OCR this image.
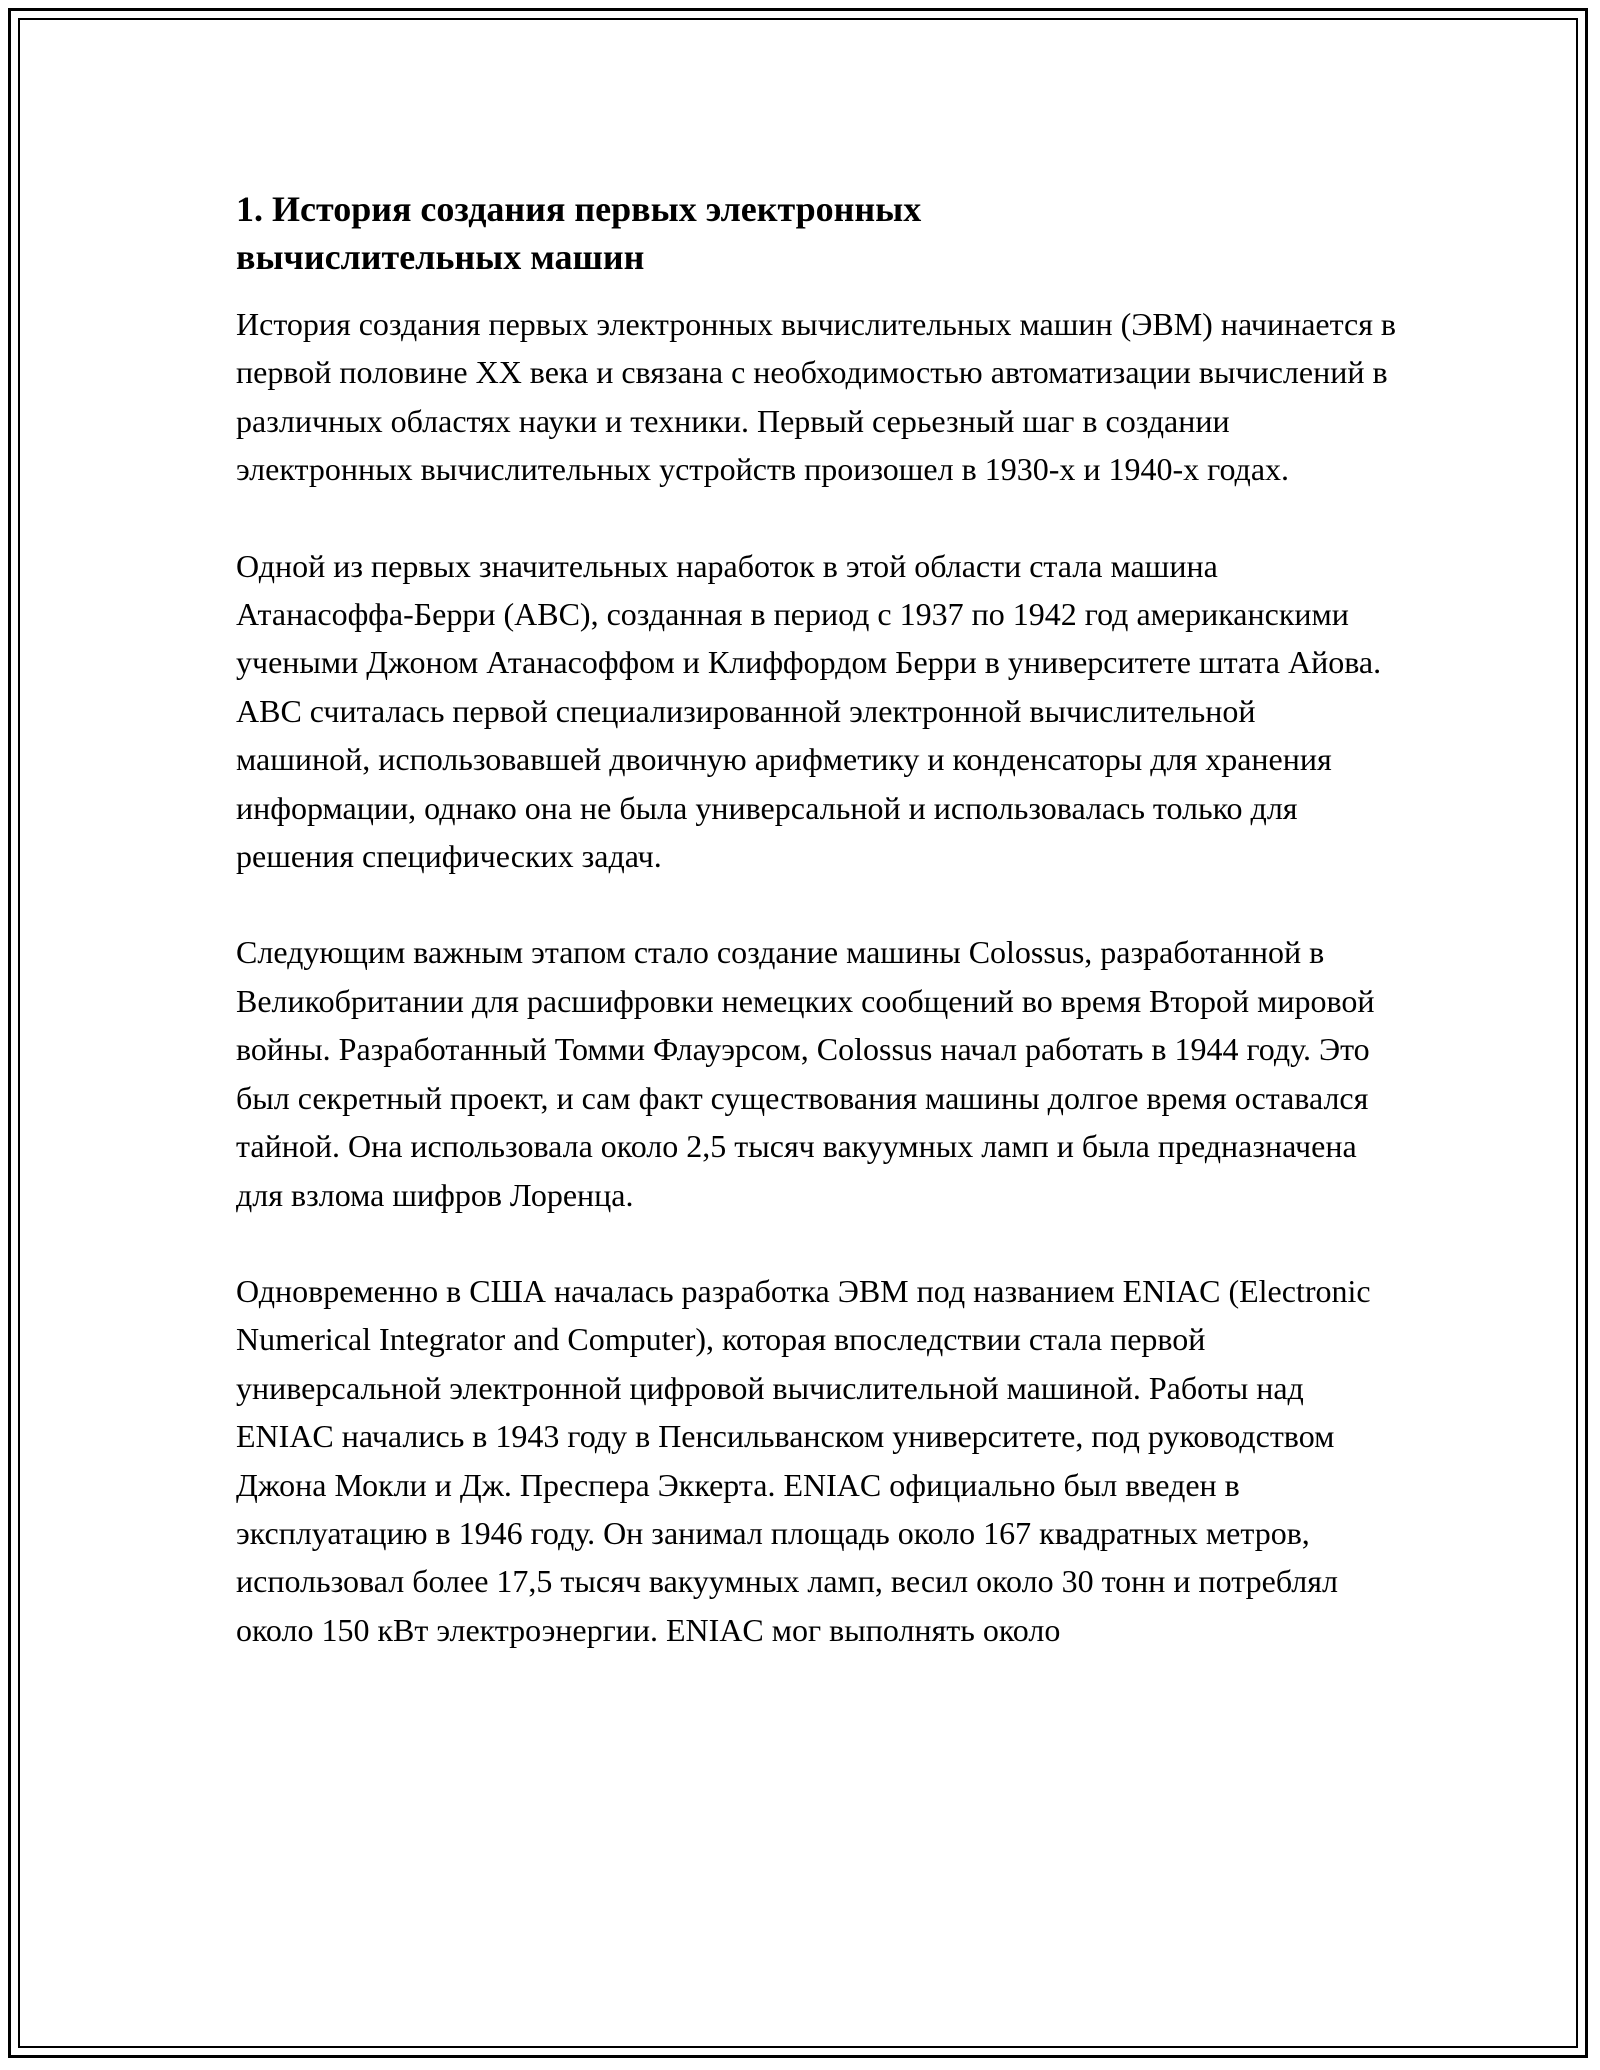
1. История создания первых электронных вычислительных машин

История создания первых электронных вычислительных машин (ЭВМ) начинается в первой половине XX века и связана с необходимостью автоматизации вычислений в различных областях науки и техники. Первый серьезный шаг в создании электронных вычислительных устройств произошел в 1930-х и 1940-х годах.

Одной из первых значительных наработок в этой области стала машина Атанасоффа-Берри (ABC), созданная в период с 1937 по 1942 год американскими учеными Джоном Атанасоффом и Клиффордом Берри в университете штата Айова. ABC считалась первой специализированной электронной вычислительной машиной, использовавшей двоичную арифметику и конденсаторы для хранения информации, однако она не была универсальной и использовалась только для решения специфических задач.

Следующим важным этапом стало создание машины Colossus, разработанной в Великобритании для расшифровки немецких сообщений во время Второй мировой войны. Разработанный Томми Флауэрсом, Colossus начал работать в 1944 году. Это был секретный проект, и сам факт существования машины долгое время оставался тайной. Она использовала около 2,5 тысяч вакуумных ламп и была предназначена для взлома шифров Лоренца.

Одновременно в США началась разработка ЭВМ под названием ENIAC (Electronic Numerical Integrator and Computer), которая впоследствии стала первой универсальной электронной цифровой вычислительной машиной. Работы над ENIAC начались в 1943 году в Пенсильванском университете, под руководством Джона Мокли и Дж. Преспера Эккерта. ENIAC официально был введен в эксплуатацию в 1946 году. Он занимал площадь около 167 квадратных метров, использовал более 17,5 тысяч вакуумных ламп, весил около 30 тонн и потреблял около 150 кВт электроэнергии. ENIAC мог выполнять около
